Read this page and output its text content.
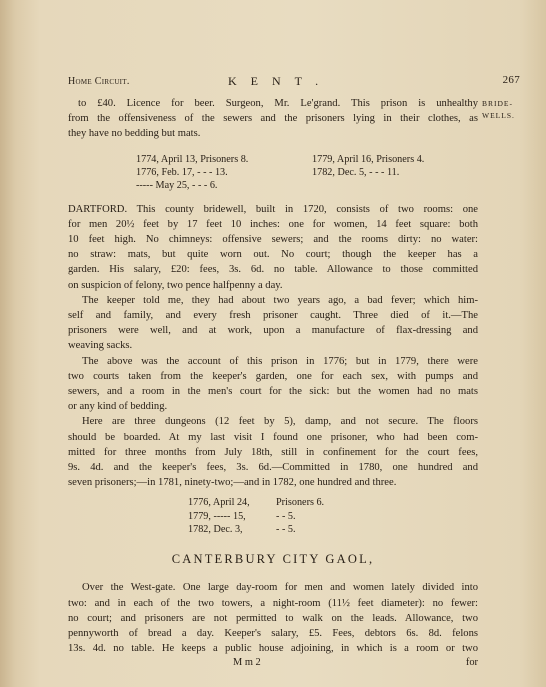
Home Circuit.	KENT.	267
BRIDE-
WELLS.
to £40. Licence for beer. Surgeon, Mr. Le'grand. This prison is unhealthy
from the offensiveness of the sewers and the prisoners lying in their clothes, as
they have no bedding but mats.
1774, April 13, Prisoners 8.	1779, April 16, Prisoners 4.
1776, Feb. 17, - - - 13.	1782, Dec. 5, - - - 11.
----- May 25, - - - 6.
DARTFORD. This county bridewell, built in 1720, consists of two rooms: one
for men 20½ feet by 17 feet 10 inches: one for women, 14 feet square: both
10 feet high. No chimneys: offensive sewers; and the rooms dirty: no water:
no straw: mats, but quite worn out. No court; though the keeper has a
garden. His salary, £20: fees, 3s. 6d. no table. Allowance to those committed
on suspicion of felony, two pence halfpenny a day.
The keeper told me, they had about two years ago, a bad fever; which him-
self and family, and every fresh prisoner caught. Three died of it.—The
prisoners were well, and at work, upon a manufacture of flax-dressing and
weaving sacks.
The above was the account of this prison in 1776; but in 1779, there were
two courts taken from the keeper's garden, one for each sex, with pumps and
sewers, and a room in the men's court for the sick: but the women had no mats
or any kind of bedding.
Here are three dungeons (12 feet by 5), damp, and not secure. The floors
should be boarded. At my last visit I found one prisoner, who had been com-
mitted for three months from July 18th, still in confinement for the court fees,
9s. 4d. and the keeper's fees, 3s. 6d.—Committed in 1780, one hundred and
seven prisoners;—in 1781, ninety-two;—and in 1782, one hundred and three.
1776, April 24,	Prisoners 6.
1779, ----- 15,	- - 5.
1782, Dec. 3,	- - 5.
CANTERBURY CITY GAOL,
Over the West-gate. One large day-room for men and women lately divided into
two: and in each of the two towers, a night-room (11½ feet diameter): no fewer:
no court; and prisoners are not permitted to walk on the leads. Allowance, two
pennyworth of bread a day. Keeper's salary, £5. Fees, debtors 6s. 8d. felons
13s. 4d. no table. He keeps a public house adjoining, in which is a room or two
M m 2	for
